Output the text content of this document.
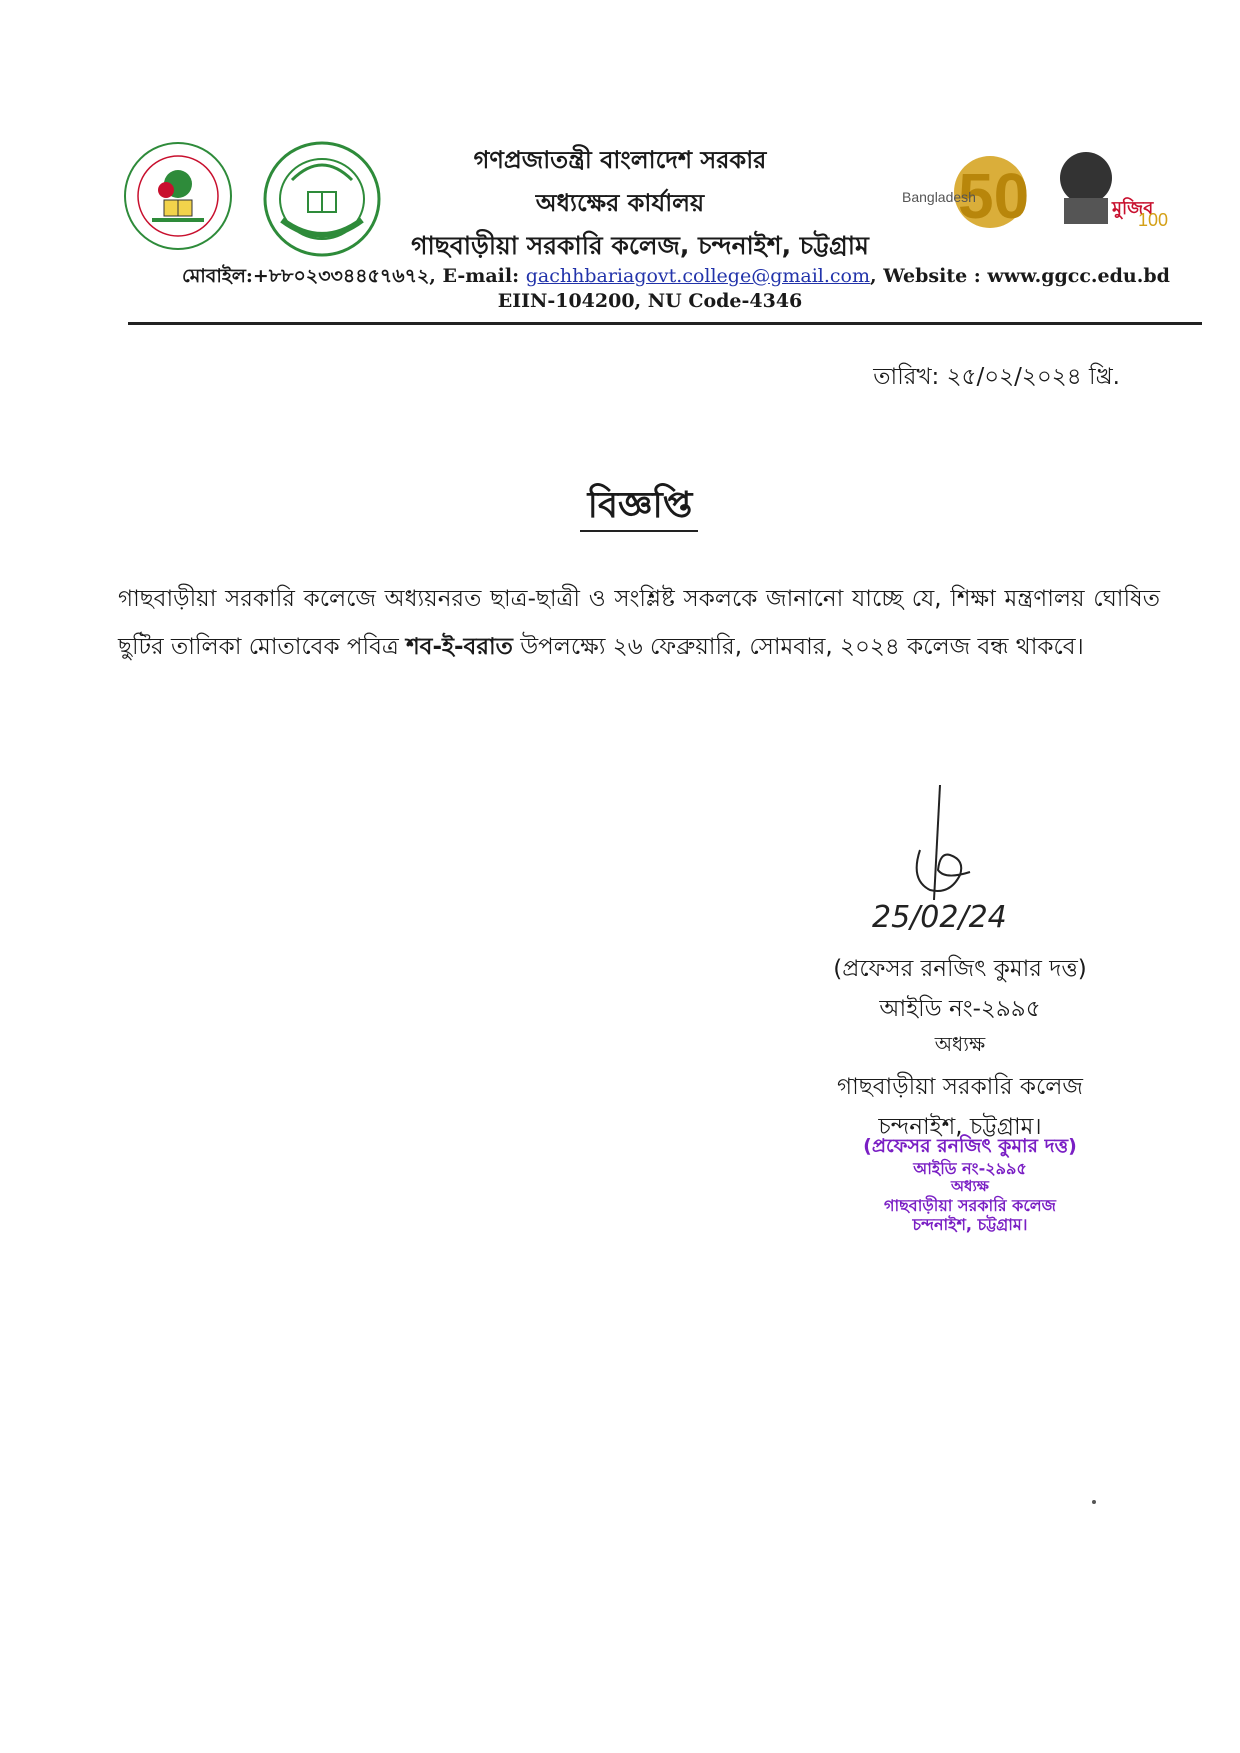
গণপ্রজাতন্ত্রী বাংলাদেশ সরকার
অধ্যক্ষের কার্যালয়
গাছবাড়ীয়া সরকারি কলেজ, চন্দনাইশ, চট্টগ্রাম
50
Bangladesh
মুজিব
100
মোবাইল:+৮৮০২৩৩৪৪৫৭৬৭২, E-mail: gachhbariagovt.college@gmail.com, Website : www.ggcc.edu.bd
EIIN-104200, NU Code-4346
তারিখ: ২৫/০২/২০২৪ খ্রি.
বিজ্ঞপ্তি
গাছবাড়ীয়া সরকারি কলেজে অধ্যয়নরত ছাত্র-ছাত্রী ও সংশ্লিষ্ট সকলকে জানানো যাচ্ছে যে, শিক্ষা মন্ত্রণালয় ঘোষিত ছুটির তালিকা মোতাবেক পবিত্র শব-ই-বরাত উপলক্ষ্যে ২৬ ফেব্রুয়ারি, সোমবার, ২০২৪ কলেজ বন্ধ থাকবে।
25/02/24
(প্রফেসর রনজিৎ কুমার দত্ত)
আইডি নং-২৯৯৫
অধ্যক্ষ
গাছবাড়ীয়া সরকারি কলেজ
চন্দনাইশ, চট্টগ্রাম।
(প্রফেসর রনজিৎ কুমার দত্ত)
আইডি নং-২৯৯৫
অধ্যক্ষ
গাছবাড়ীয়া সরকারি কলেজ
চন্দনাইশ, চট্টগ্রাম।
